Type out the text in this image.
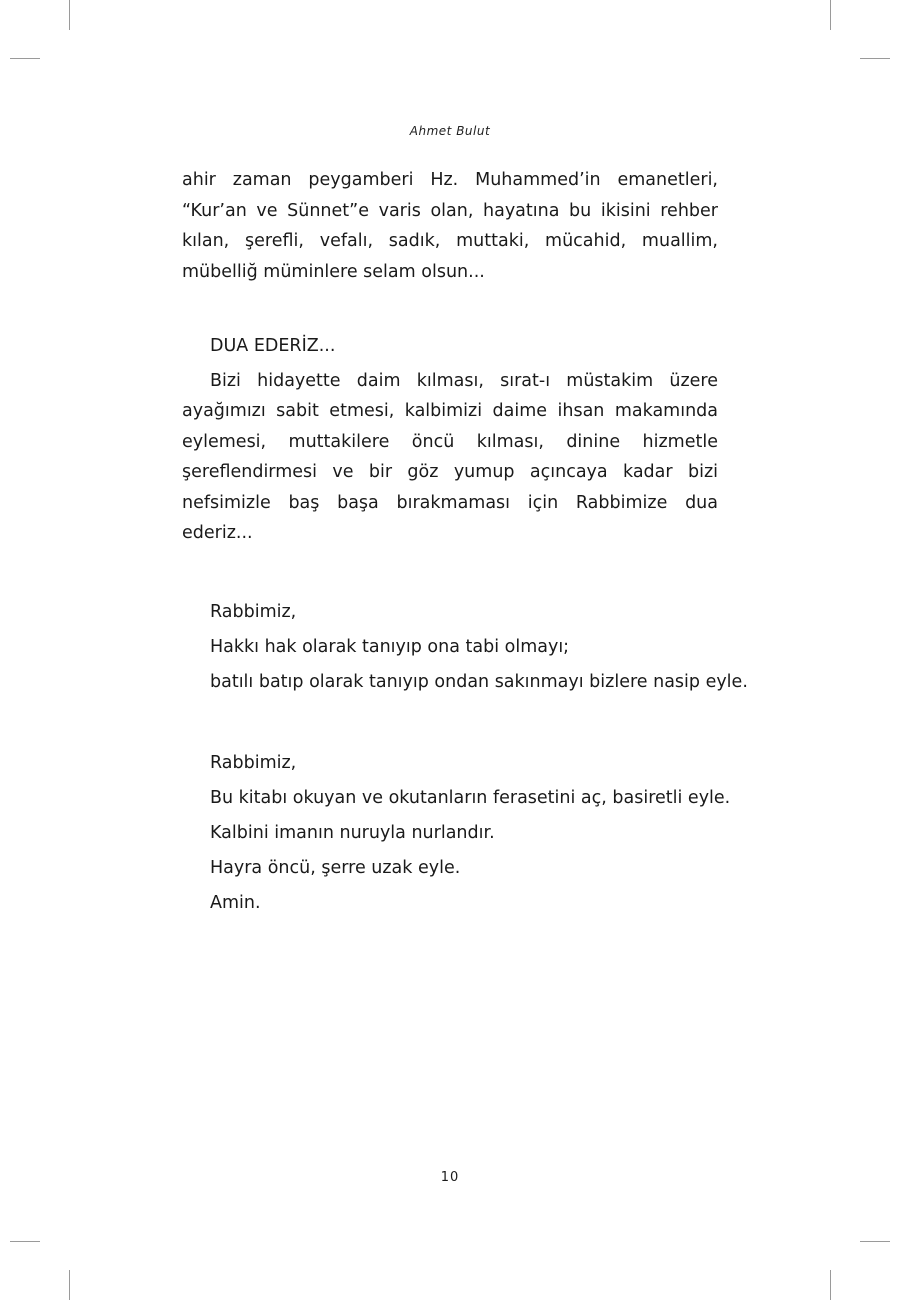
Ahmet Bulut

ahir zaman peygamberi Hz. Muhammed’in emanetleri, “Kur’an ve Sünnet”e varis olan, hayatına bu ikisini rehber kılan, şerefli, vefalı, sadık, muttaki, mücahid, muallim, mübelliğ müminlere selam olsun...

DUA EDERİZ...

Bizi hidayette daim kılması, sırat-ı müstakim üzere ayağımızı sabit etmesi, kalbimizi daime ihsan makamında eylemesi, muttakilere öncü kılması, dinine hizmetle şereflendirmesi ve bir göz yumup açıncaya kadar bizi nefsimizle baş başa bırakmaması için Rabbimize dua ederiz...

Rabbimiz,

Hakkı hak olarak tanıyıp ona tabi olmayı;

batılı batıp olarak tanıyıp ondan sakınmayı bizlere nasip eyle.

Rabbimiz,

Bu kitabı okuyan ve okutanların ferasetini aç, basiretli eyle.

Kalbini imanın nuruyla nurlandır.

Hayra öncü, şerre uzak eyle.

Amin.

10
